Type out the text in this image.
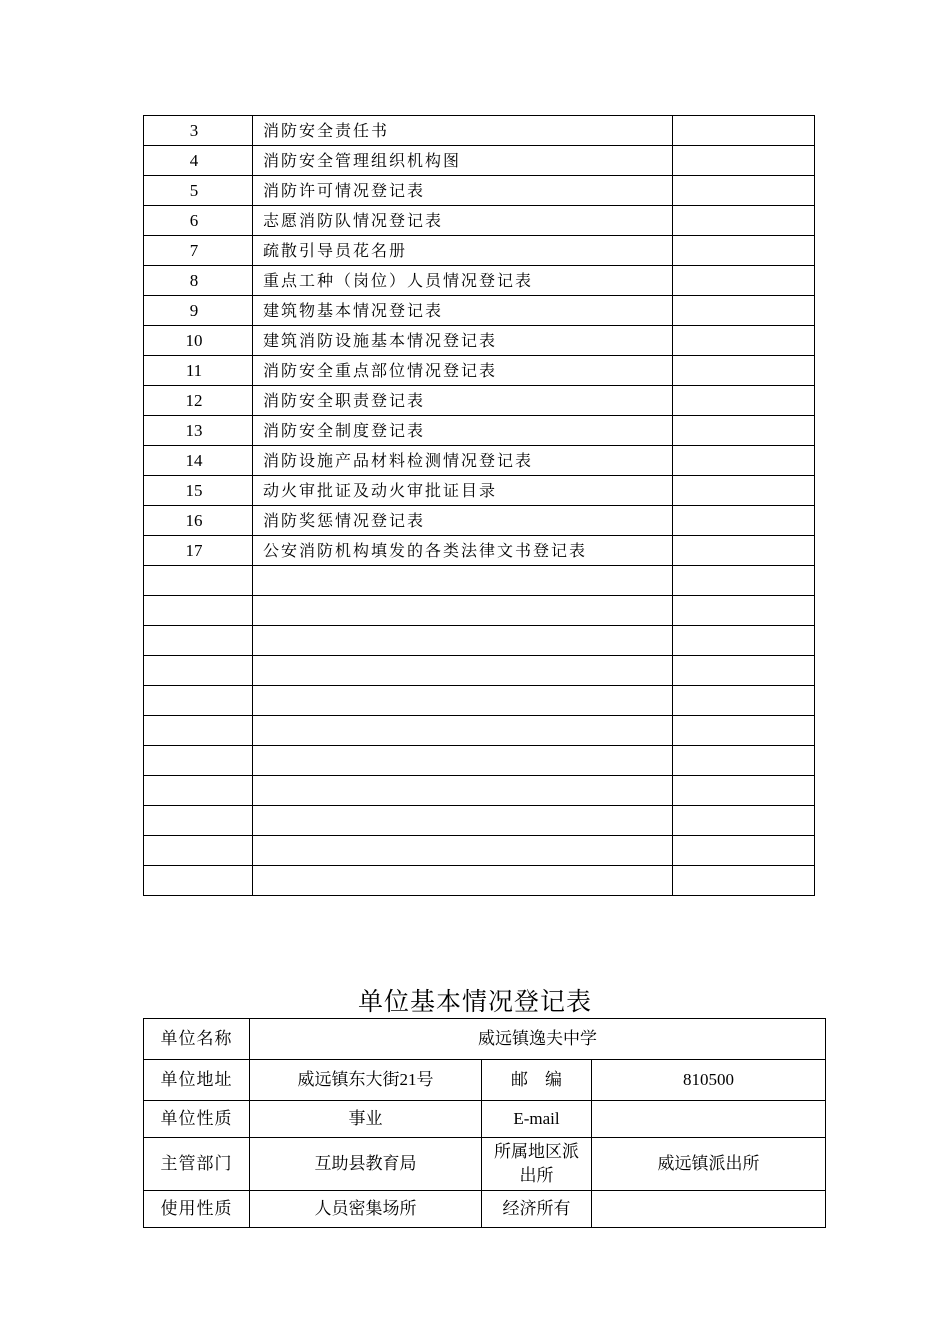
3	消防安全责任书	
4	消防安全管理组织机构图	
5	消防许可情况登记表	
6	志愿消防队情况登记表	
7	疏散引导员花名册	
8	重点工种（岗位）人员情况登记表	
9	建筑物基本情况登记表	
10	建筑消防设施基本情况登记表	
11	消防安全重点部位情况登记表	
12	消防安全职责登记表	
13	消防安全制度登记表	
14	消防设施产品材料检测情况登记表	
15	动火审批证及动火审批证目录	
16	消防奖惩情况登记表	
17	公安消防机构填发的各类法律文书登记表	

单位基本情况登记表
单位名称	威远镇逸夫中学		
单位地址	威远镇东大街21号	邮　编	810500
单位性质	事业	E-mail	
主管部门	互助县教育局	所属地区派出所	威远镇派出所
使用性质	人员密集场所	经济所有	
